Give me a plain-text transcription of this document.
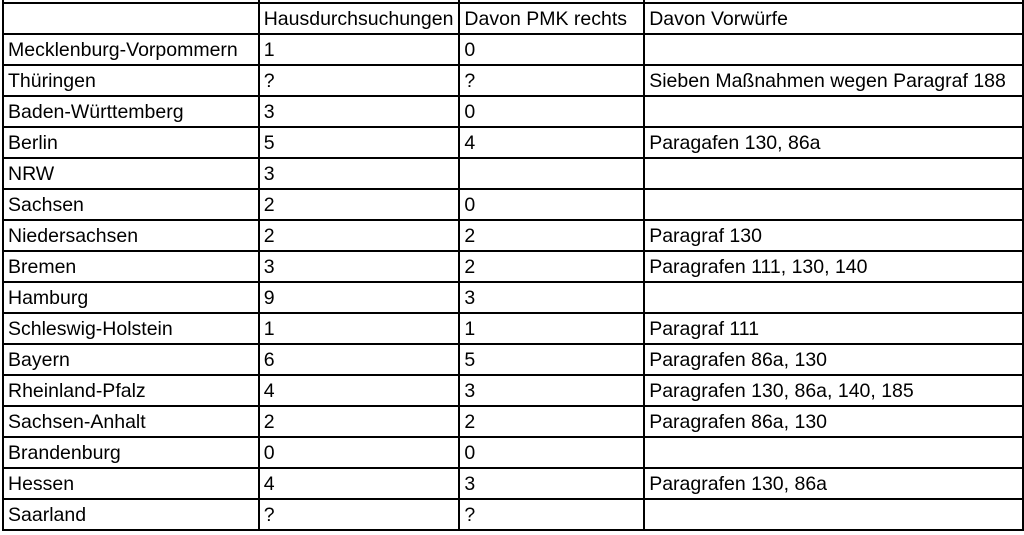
	Hausdurchsuchungen	Davon PMK rechts	Davon Vorwürfe
Mecklenburg-Vorpommern	1	0	
Thüringen	?	?	Sieben Maßnahmen wegen Paragraf 188
Baden-Württemberg	3	0	
Berlin	5	4	Paragafen 130, 86a
NRW	3		
Sachsen	2	0	
Niedersachsen	2	2	Paragraf 130
Bremen	3	2	Paragrafen 111, 130, 140
Hamburg	9	3	
Schleswig-Holstein	1	1	Paragraf 111
Bayern	6	5	Paragrafen 86a, 130
Rheinland-Pfalz	4	3	Paragrafen 130, 86a, 140, 185
Sachsen-Anhalt	2	2	Paragrafen 86a, 130
Brandenburg	0	0	
Hessen	4	3	Paragrafen 130, 86a
Saarland	?	?	
